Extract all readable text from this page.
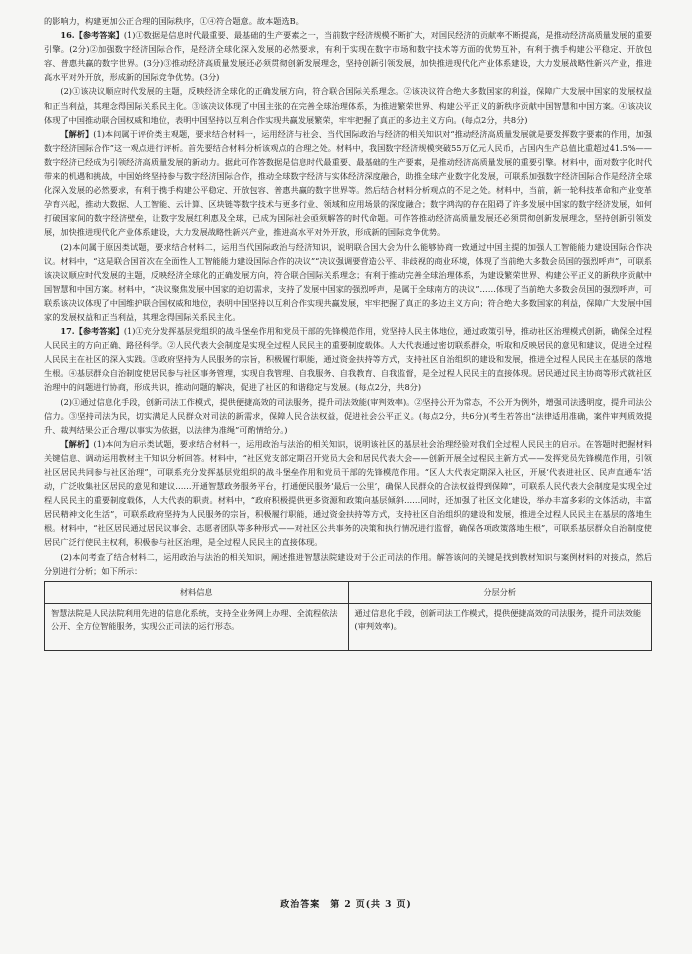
的影响力，构建更加公正合理的国际秩序，①④符合题意。故本题选B。

16.【参考答案】(1)①数据是信息时代最重要、最基础的生产要素之一，当前数字经济规模不断扩大，对国民经济的贡献率不断提高，是推动经济高质量发展的重要引擎。(2分)②加强数字经济国际合作，是经济全球化深入发展的必然要求，有利于实现在数字市场和数字技术等方面的优势互补，有利于携手构建公平稳定、开放包容、普惠共赢的数字世界。(3分)③推动经济高质量发展还必须贯彻创新发展理念，坚持创新引领发展，加快推进现代化产业体系建设，大力发展战略性新兴产业，推进高水平对外开放，形成新的国际竞争优势。(3分)

(2)①该决议顺应时代发展的主题，反映经济全球化的正确发展方向，符合联合国际关系理念。②该决议符合绝大多数国家的利益，保障广大发展中国家的发展权益和正当利益，其理念得国际关系民主化。③该决议体现了中国主张的在完善全球治理体系，为推进繁荣世界、构建公平正义的新秩序贡献中国智慧和中国方案。④该决议体现了中国推动联合国权威和地位，表明中国坚持以互利合作实现共赢发展繁荣，牢牢把握了真正的多边主义方向。(每点2分，共8分)

【解析】(1)本问属于评价类主观题，要求结合材料一，运用经济与社会、当代国际政治与经济的相关知识对“推动经济高质量发展就是要发挥数字要素的作用，加强数字经济国际合作”这一观点进行评析。首先要结合材料分析该观点的合理之处。材料中，我国数字经济规模突破55万亿元人民币，占国内生产总值比重超过41.5%——数字经济已经成为引领经济高质量发展的新动力。据此可作答数据是信息时代最重要、最基础的生产要素，是推动经济高质量发展的重要引擎。材料中，面对数字化时代带来的机遇和挑战，中国始终坚持参与数字经济国际合作，推动全球数字经济与实体经济深度融合，助推全球产业数字化发展，可联系加强数字经济国际合作是经济全球化深入发展的必然要求，有利于携手构建公平稳定、开放包容、普惠共赢的数字世界等。然后结合材料分析观点的不足之处。材料中，当前，新一轮科技革命和产业变革孕育兴起，推动大数据、人工智能、云计算、区块链等数字技术与更多行业、领域和应用场景的深度融合；数字鸿沟的存在阻碍了许多发展中国家的数字经济发展，如何打破国家间的数字经济壁垒，让数字发展红利惠及全球，已成为国际社会亟须解答的时代命题。可作答推动经济高质量发展还必须贯彻创新发展理念，坚持创新引领发展，加快推进现代化产业体系建设，大力发展战略性新兴产业，推进高水平对外开放，形成新的国际竞争优势。

(2)本问属于原因类试题，要求结合材料二，运用当代国际政治与经济知识，说明联合国大会为什么能够协商一致通过中国主提的加强人工智能能力建设国际合作决议。材料中，“这是联合国首次在全面性人工智能能力建设国际合作的决议”“决议强调要营造公平、非歧视的商业环境，体现了当前绝大多数会员国的强烈呼声”，可联系该决议顺应时代发展的主题，反映经济全球化的正确发展方向，符合联合国际关系理念；有利于推动完善全球治理体系，为建设繁荣世界、构建公平正义的新秩序贡献中国智慧和中国方案。材料中，“决议聚焦发展中国家的迫切需求，支持了发展中国家的强烈呼声，是属于全球南方的决议”……体现了当前绝大多数会员国的强烈呼声，可联系该决议体现了中国维护联合国权威和地位，表明中国坚持以互利合作实现共赢发展，牢牢把握了真正的多边主义方向；符合绝大多数国家的利益，保障广大发展中国家的发展权益和正当利益，其理念得国际关系民主化。

17.【参考答案】(1)①充分发挥基层党组织的战斗堡垒作用和党员干部的先锋模范作用，党坚持人民主体地位，通过政策引导，推动社区治理模式创新，确保全过程人民民主的方向正确、路径科学。②人民代表大会制度是实现全过程人民民主的重要制度载体。人大代表通过密切联系群众，听取和反映居民的意见和建议，促进全过程人民民主在社区的深入实践。③政府坚持为人民服务的宗旨，积极履行职能，通过资金扶持等方式，支持社区自治组织的建设和发展，推进全过程人民民主在基层的落地生根。④基层群众自治制度使居民参与社区事务管理，实现自我管理、自我服务、自我教育、自我监督，是全过程人民民主的直接体现。居民通过民主协商等形式就社区治理中的问题进行协商，形成共识，推动问题的解决，促进了社区的和谐稳定与发展。(每点2分，共8分)

(2)①通过信息化手段，创新司法工作模式，提供便捷高效的司法服务，提升司法效能(审判效率)。②坚持公开为常态，不公开为例外，增强司法透明度，提升司法公信力。③坚持司法为民，切实满足人民群众对司法的新需求，保障人民合法权益，促进社会公平正义。(每点2分，共6分)(考生若答出“法律适用准确，案件审判质效提升、裁判结果公正合理/以事实为依据，以法律为准绳”可酌情给分。)

【解析】(1)本问为启示类试题，要求结合材料一，运用政治与法治的相关知识，说明该社区的基层社会治理经验对我们全过程人民民主的启示。在答题时把握材料关键信息、调动运用教材主干知识分析回答。材料中，“社区党支部定期召开党员大会和居民代表大会——创新开展全过程民主新方式——发挥党员先锋模范作用，引领社区居民共同参与社区治理”，可联系充分发挥基层党组织的战斗堡垒作用和党员干部的先锋模范作用。“区人大代表定期深入社区，开展‘代表进社区、民声直通车’活动，广泛收集社区居民的意见和建议……开通智慧政务服务平台，打通便民服务‘最后一公里’，确保人民群众的合法权益得到保障”，可联系人民代表大会制度是实现全过程人民民主的重要制度载体，人大代表的职责。材料中，“政府积极提供更多资源和政策向基层倾斜……同时，还加强了社区文化建设，举办丰富多彩的文体活动，丰富居民精神文化生活”，可联系政府坚持为人民服务的宗旨，积极履行职能，通过资金扶持等方式，支持社区自治组织的建设和发展，推进全过程人民民主在基层的落地生根。材料中，“社区居民通过居民议事会、志愿者团队等多种形式——对社区公共事务的决策和执行情况进行监督，确保各项政策落地生根”，可联系基层群众自治制度使居民广泛行使民主权利，积极参与社区治理，是全过程人民民主的直接体现。

(2)本问考查了结合材料二，运用政治与法治的相关知识，阐述推进智慧法院建设对于公正司法的作用。解答该问的关键是找到教材知识与案例材料的对接点，然后分别进行分析；如下所示：

材料信息	分层分析
智慧法院是人民法院利用先进的信息化系统，支持全业务网上办理、全流程依法公开、全方位智能服务，实现公正司法的运行形态。	通过信息化手段，创新司法工作模式，提供便捷高效的司法服务，提升司法效能(审判效率)。
政治答案　第 2 页(共 3 页)
